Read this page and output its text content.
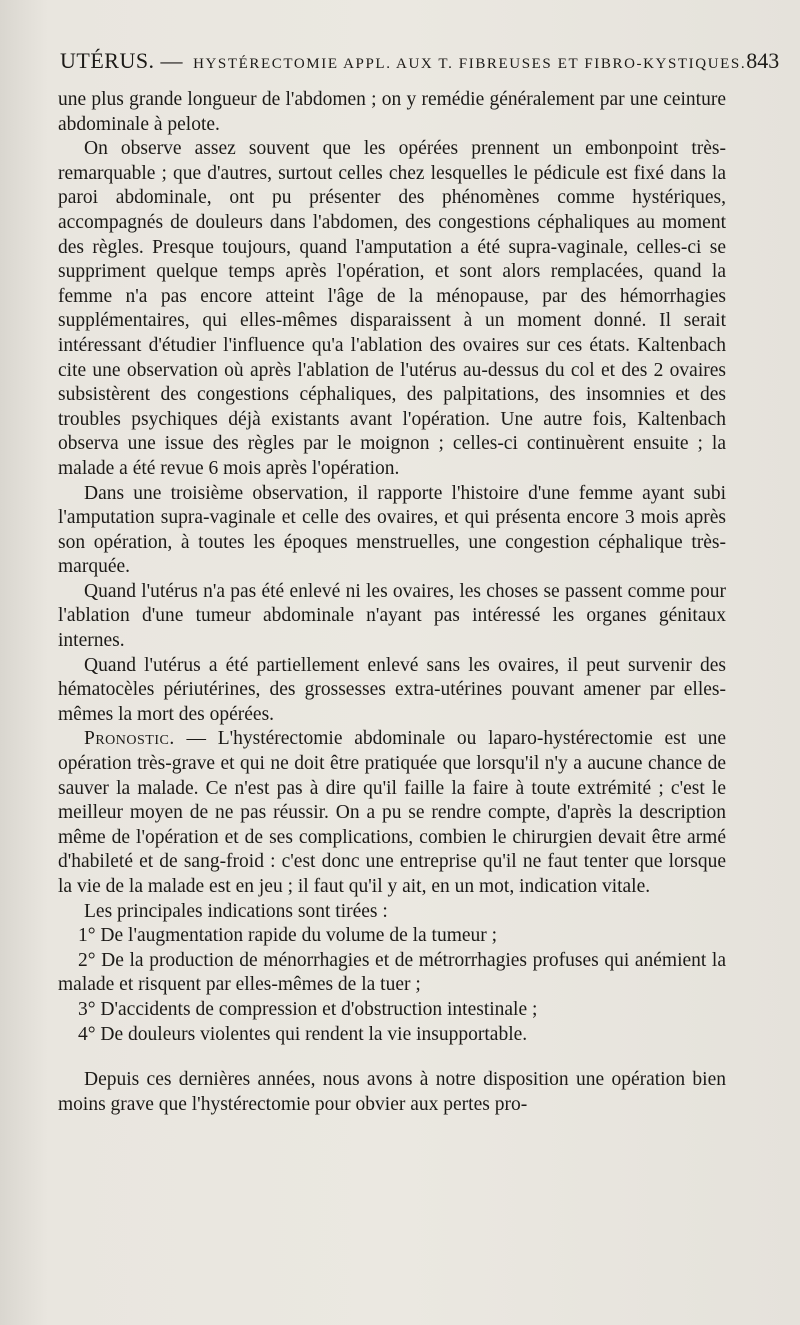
UTÉRUS. — HYSTÉRECTOMIE APPL. AUX T. FIBREUSES ET FIBRO-KYSTIQUES. 843

une plus grande longueur de l'abdomen ; on y remédie généralement par une ceinture abdominale à pelote.

On observe assez souvent que les opérées prennent un embonpoint très-remarquable ; que d'autres, surtout celles chez lesquelles le pédicule est fixé dans la paroi abdominale, ont pu présenter des phénomènes comme hystériques, accompagnés de douleurs dans l'abdomen, des congestions céphaliques au moment des règles. Presque toujours, quand l'amputation a été supra-vaginale, celles-ci se suppriment quelque temps après l'opération, et sont alors remplacées, quand la femme n'a pas encore atteint l'âge de la ménopause, par des hémorrhagies supplémentaires, qui elles-mêmes disparaissent à un moment donné. Il serait intéressant d'étudier l'influence qu'a l'ablation des ovaires sur ces états. Kaltenbach cite une observation où après l'ablation de l'utérus au-dessus du col et des 2 ovaires subsistèrent des congestions céphaliques, des palpitations, des insomnies et des troubles psychiques déjà existants avant l'opération. Une autre fois, Kaltenbach observa une issue des règles par le moignon ; celles-ci continuèrent ensuite ; la malade a été revue 6 mois après l'opération.

Dans une troisième observation, il rapporte l'histoire d'une femme ayant subi l'amputation supra-vaginale et celle des ovaires, et qui présenta encore 3 mois après son opération, à toutes les époques menstruelles, une congestion céphalique très-marquée.

Quand l'utérus n'a pas été enlevé ni les ovaires, les choses se passent comme pour l'ablation d'une tumeur abdominale n'ayant pas intéressé les organes génitaux internes.

Quand l'utérus a été partiellement enlevé sans les ovaires, il peut survenir des hématocèles périutérines, des grossesses extra-utérines pouvant amener par elles-mêmes la mort des opérées.

Pronostic. — L'hystérectomie abdominale ou laparo-hystérectomie est une opération très-grave et qui ne doit être pratiquée que lorsqu'il n'y a aucune chance de sauver la malade. Ce n'est pas à dire qu'il faille la faire à toute extrémité ; c'est le meilleur moyen de ne pas réussir. On a pu se rendre compte, d'après la description même de l'opération et de ses complications, combien le chirurgien devait être armé d'habileté et de sang-froid : c'est donc une entreprise qu'il ne faut tenter que lorsque la vie de la malade est en jeu ; il faut qu'il y ait, en un mot, indication vitale.

Les principales indications sont tirées :

1° De l'augmentation rapide du volume de la tumeur ;

2° De la production de ménorrhagies et de métrorrhagies profuses qui anémient la malade et risquent par elles-mêmes de la tuer ;

3° D'accidents de compression et d'obstruction intestinale ;

4° De douleurs violentes qui rendent la vie insupportable.

Depuis ces dernières années, nous avons à notre disposition une opération bien moins grave que l'hystérectomie pour obvier aux pertes pro-
